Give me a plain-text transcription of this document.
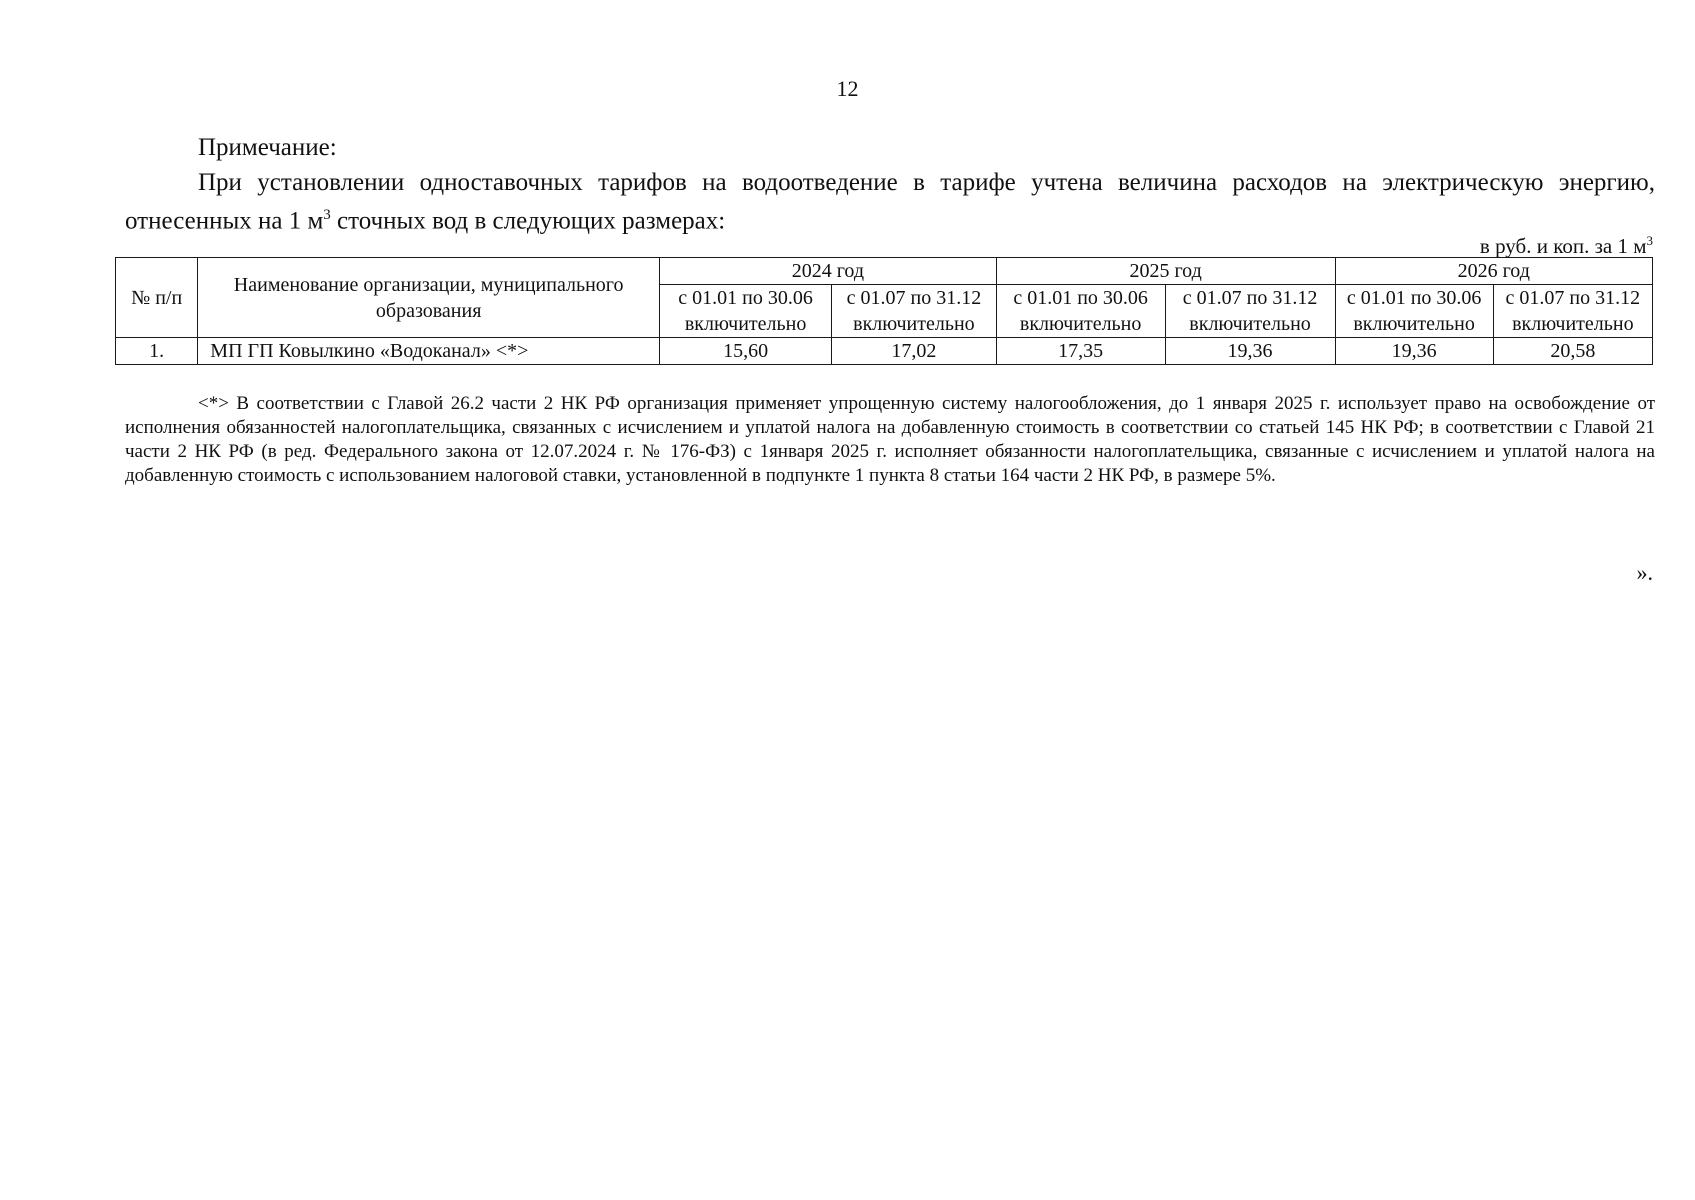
12
Примечание:
При установлении одноставочных тарифов на водоотведение в тарифе учтена величина расходов на электрическую энергию, отнесенных на 1 $м^3$ сточных вод в следующих размерах:
в руб. и коп. за 1 $м^3$
№ п/п	Наименование организации, муниципального образования	2024 год		2025 год		2026 год	
		с 01.01 по 30.06 включительно	с 01.07 по 31.12 включительно	с 01.01 по 30.06 включительно	с 01.07 по 31.12 включительно	с 01.01 по 30.06 включительно	с 01.07 по 31.12 включительно
1.	МП ГП Ковылкино «Водоканал» <*>	15,60	17,02	17,35	19,36	19,36	20,58
<*> В соответствии с Главой 26.2 части 2 НК РФ организация применяет упрощенную систему налогообложения, до 1 января 2025 г. использует право на освобождение от исполнения обязанностей налогоплательщика, связанных с исчислением и уплатой налога на добавленную стоимость в соответствии со статьей 145 НК РФ; в соответствии с Главой 21 части 2 НК РФ (в ред. Федерального закона от 12.07.2024 г. № 176-ФЗ) с 1января 2025 г. исполняет обязанности налогоплательщика, связанные с исчислением и уплатой налога на добавленную стоимость с использованием налоговой ставки, установленной в подпункте 1 пункта 8 статьи 164 части 2 НК РФ, в размере 5%.
».
